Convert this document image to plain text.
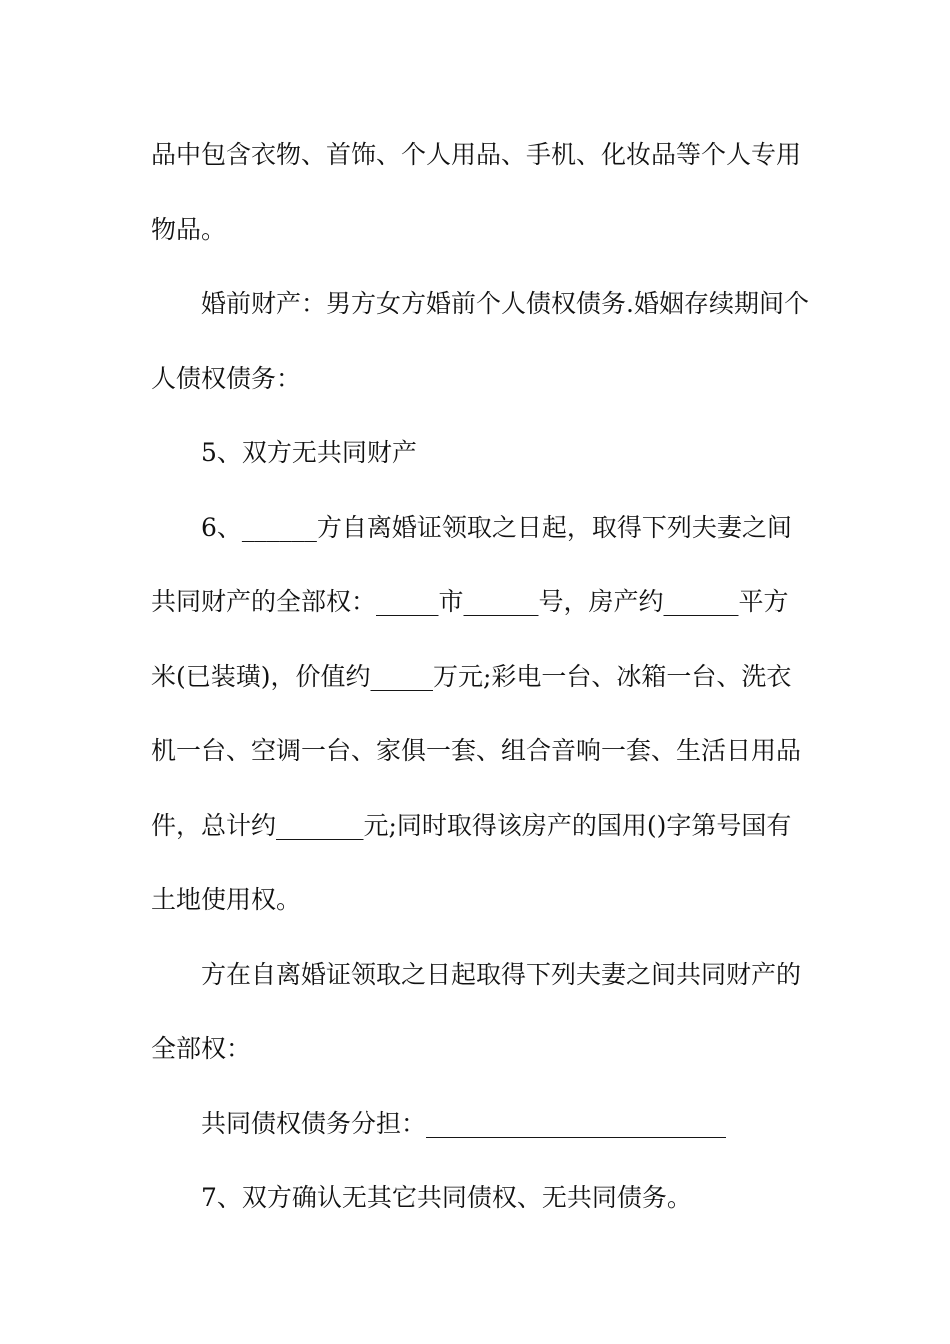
品中包含衣物、首饰、个人用品、手机、化妆品等个人专用物品。

婚前财产：男方女方婚前个人债权债务.婚姻存续期间个人债权债务：

5、双方无共同财产

6、______方自离婚证领取之日起，取得下列夫妻之间共同财产的全部权：_____市______号，房产约______平方米(已装璜)，价值约_____万元;彩电一台、冰箱一台、洗衣机一台、空调一台、家俱一套、组合音响一套、生活日用品件，总计约_______元;同时取得该房产的国用()字第号国有土地使用权。

方在自离婚证领取之日起取得下列夫妻之间共同财产的全部权：

共同债权债务分担：________________________

7、双方确认无其它共同债权、无共同债务。
